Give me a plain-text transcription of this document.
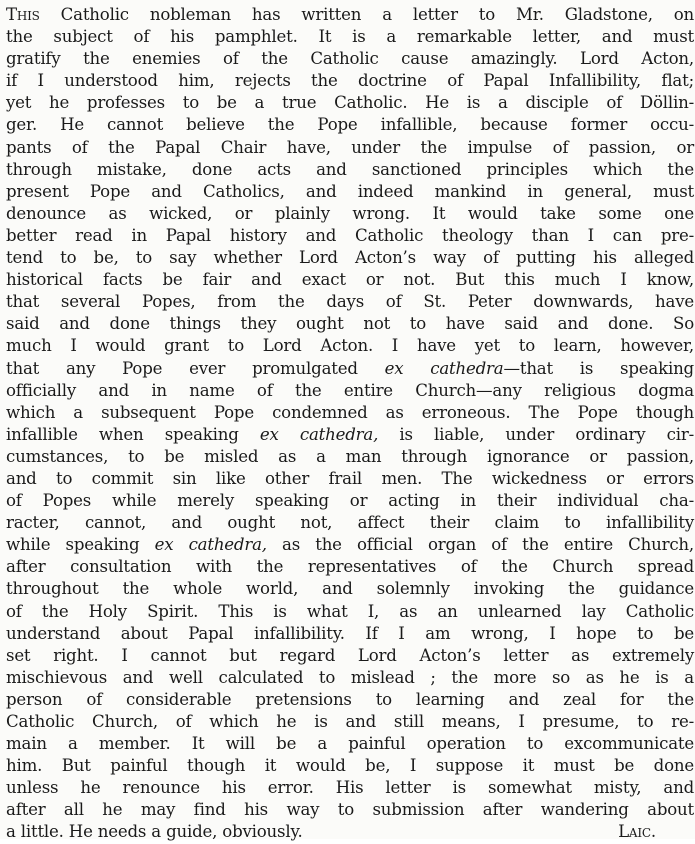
This Catholic nobleman has written a letter to Mr. Gladstone, on
the subject of his pamphlet. It is a remarkable letter, and must
gratify the enemies of the Catholic cause amazingly. Lord Acton,
if I understood him, rejects the doctrine of Papal Infallibility, flat;
yet he professes to be a true Catholic. He is a disciple of Döllin-
ger. He cannot believe the Pope infallible, because former occu-
pants of the Papal Chair have, under the impulse of passion, or
through mistake, done acts and sanctioned principles which the
present Pope and Catholics, and indeed mankind in general, must
denounce as wicked, or plainly wrong. It would take some one
better read in Papal history and Catholic theology than I can pre-
tend to be, to say whether Lord Acton’s way of putting his alleged
historical facts be fair and exact or not. But this much I know,
that several Popes, from the days of St. Peter downwards, have
said and done things they ought not to have said and done. So
much I would grant to Lord Acton. I have yet to learn, however,
that any Pope ever promulgated ex cathedra—that is speaking
officially and in name of the entire Church—any religious dogma
which a subsequent Pope condemned as erroneous. The Pope though
infallible when speaking ex cathedra, is liable, under ordinary cir-
cumstances, to be misled as a man through ignorance or passion,
and to commit sin like other frail men. The wickedness or errors
of Popes while merely speaking or acting in their individual cha-
racter, cannot, and ought not, affect their claim to infallibility
while speaking ex cathedra, as the official organ of the entire Church,
after consultation with the representatives of the Church spread
throughout the whole world, and solemnly invoking the guidance
of the Holy Spirit. This is what I, as an unlearned lay Catholic
understand about Papal infallibility. If I am wrong, I hope to be
set right. I cannot but regard Lord Acton’s letter as extremely
mischievous and well calculated to mislead ; the more so as he is a
person of considerable pretensions to learning and zeal for the
Catholic Church, of which he is and still means, I presume, to re-
main a member. It will be a painful operation to excommunicate
him. But painful though it would be, I suppose it must be done
unless he renounce his error. His letter is somewhat misty, and
after all he may find his way to submission after wandering about
a little. He needs a guide, obviously.	Laic.
